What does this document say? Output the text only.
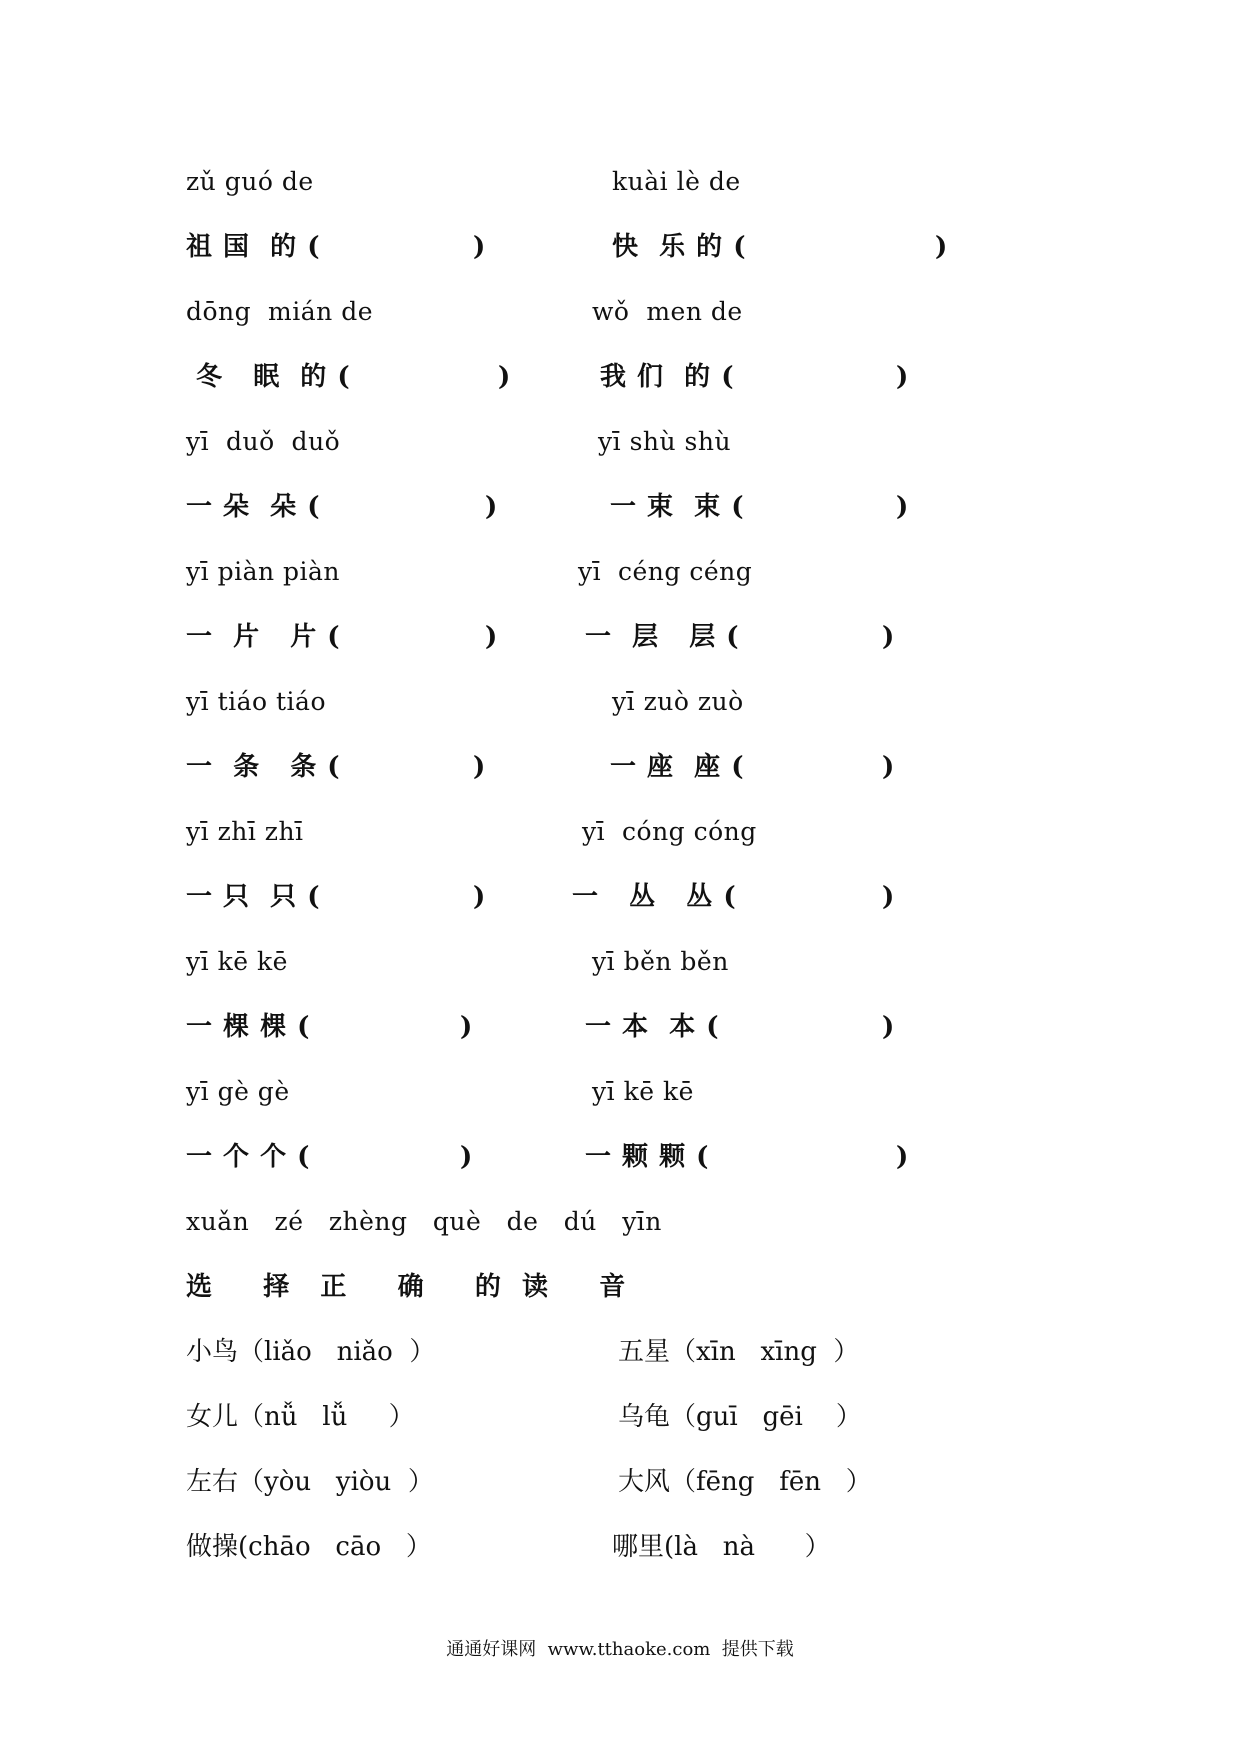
zǔ guó de	kuài lè de
祖 国  的 (	)	快  乐 的 (	)
dōng  mián de	wǒ  men de
冬   眠  的 (	)	我 们  的 (	)
yī  duǒ  duǒ	yī shù shù
一 朵  朵 (	)	一 束  束 (	)
yī piàn piàn	yī  céng céng
一  片   片 (	)	一  层   层 (	)
yī tiáo tiáo	yī zuò zuò
一  条   条 (	)	一 座  座 (	)
yī zhī zhī	yī  cóng cóng
一 只  只 (	)	一   丛   丛 (	)
yī kē kē	yī běn běn
一 棵 棵 (	)	一 本  本 (	)
yī gè gè	yī kē kē
一 个 个 (	)	一 颗 颗 (	)
xuǎn   zé   zhèng   què   de   dú   yīn
选     择   正     确     的  读     音
小鸟（liǎo   niǎo  ）	五星（xīn   xīng  ）
女儿（nǚ   lǚ     ）	乌龟（guī   gēi    ）
左右（yòu   yiòu  ）	大风（fēng   fēn   ）
做操(chāo   cāo   ）	哪里(là   nà      ）
通通好课网  www.tthaoke.com  提供下载
